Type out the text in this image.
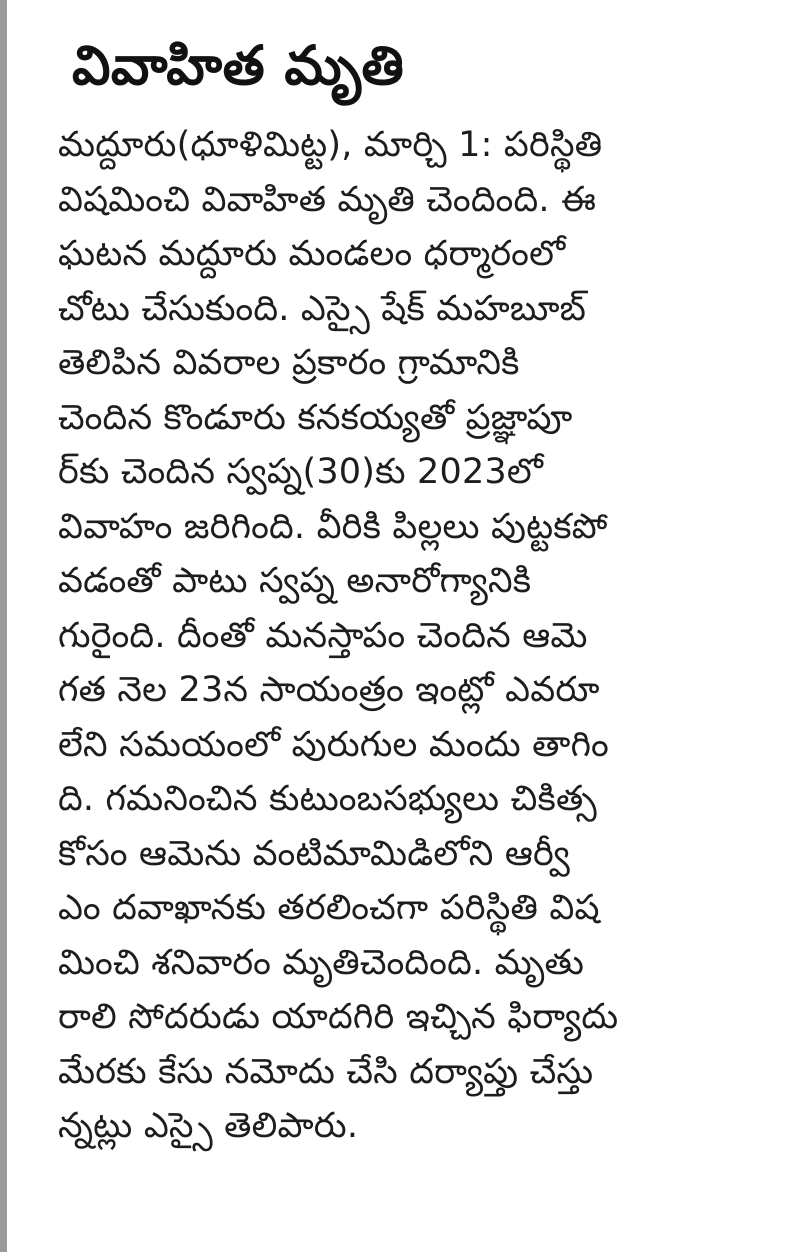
వివాహిత మృతి
మద్దూరు(ధూళిమిట్ట), మార్చి 1: పరిస్థితి
విషమించి వివాహిత మృతి చెందింది. ఈ
ఘటన మద్దూరు మండలం ధర్మారంలో
చోటు చేసుకుంది. ఎస్సై షేక్ మహబూబ్
తెలిపిన వివరాల ప్రకారం గ్రామానికి
చెందిన కొండూరు కనకయ్యతో ప్రజ్ఞాపూ
ర్‌కు చెందిన స్వప్న(30)కు 2023లో
వివాహం జరిగింది. వీరికి పిల్లలు పుట్టకపో
వడంతో పాటు స్వప్న అనారోగ్యానికి
గురైంది. దీంతో మనస్తాపం చెందిన ఆమె
గత నెల 23న సాయంత్రం ఇంట్లో ఎవరూ
లేని సమయంలో పురుగుల మందు తాగిం
ది. గమనించిన కుటుంబసభ్యులు చికిత్స
కోసం ఆమెను వంటిమామిడిలోని ఆర్వీ
ఎం దవాఖానకు తరలించగా పరిస్థితి విష
మించి శనివారం మృతిచెందింది. మృతు
రాలి సోదరుడు యాదగిరి ఇచ్చిన ఫిర్యాదు
మేరకు కేసు నమోదు చేసి దర్యాప్తు చేస్తు
న్నట్లు ఎస్సై తెలిపారు.
